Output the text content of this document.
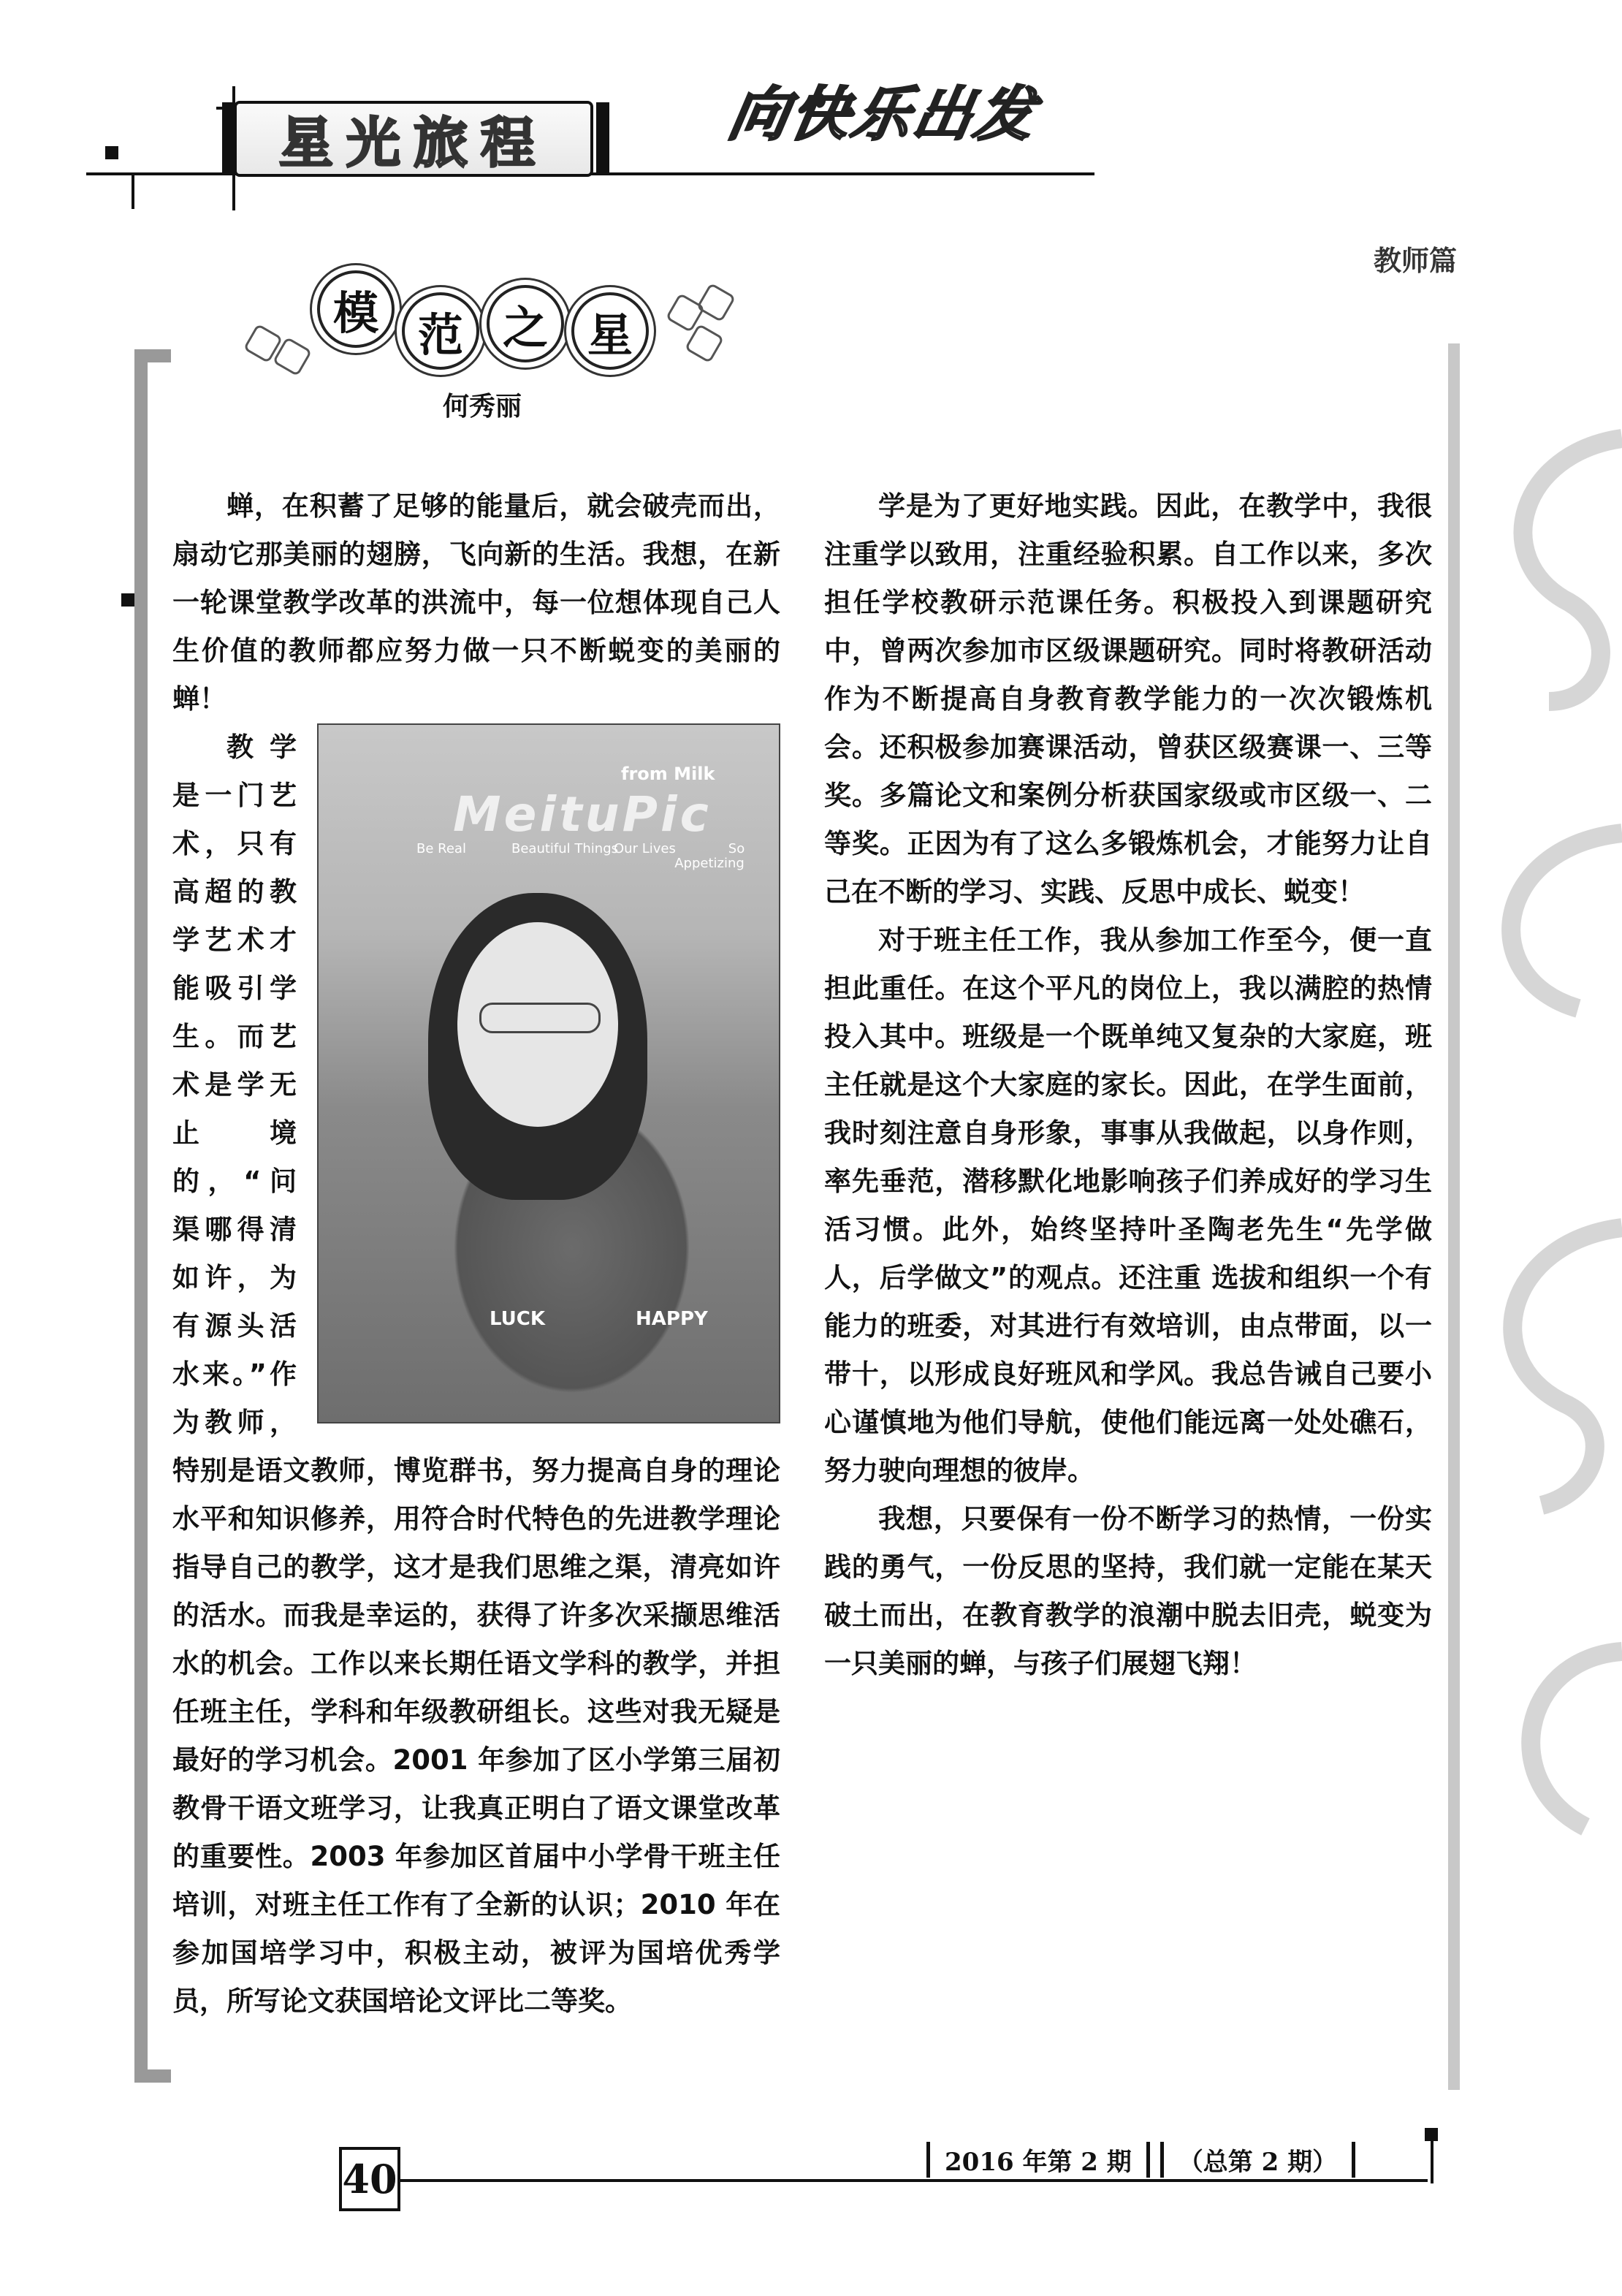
星光旅程	向快乐出发
教师篇
模 范 之 星
何秀丽

蝉，在积蓄了足够的能量后，就会破壳而出，扇动它那美丽的翅膀，飞向新的生活。我想，在新一轮课堂教学改革的洪流中，每一位想体现自己人生价值的教师都应努力做一只不断蜕变的美丽的蝉！

from Milk
MeituPic
Be Real	Beautiful Things
Our Lives	So Appetizing
LUCK	HAPPY
教学是一门艺术，只有高超的教学艺术才能吸引学生。而艺术是学无止境的，“问渠哪得清如许，为有源头活水来。”作为教师，特别是语文教师，博览群书，努力提高自身的理论水平和知识修养，用符合时代特色的先进教学理论指导自己的教学，这才是我们思维之渠，清亮如许的活水。而我是幸运的，获得了许多次采撷思维活水的机会。工作以来长期任语文学科的教学，并担任班主任，学科和年级教研组长。这些对我无疑是最好的学习机会。2001 年参加了区小学第三届初教骨干语文班学习，让我真正明白了语文课堂改革的重要性。2003 年参加区首届中小学骨干班主任培训，对班主任工作有了全新的认识；2010 年在参加国培学习中，积极主动，被评为国培优秀学员，所写论文获国培论文评比二等奖。

学是为了更好地实践。因此，在教学中，我很注重学以致用，注重经验积累。自工作以来，多次担任学校教研示范课任务。积极投入到课题研究中，曾两次参加市区级课题研究。同时将教研活动作为不断提高自身教育教学能力的一次次锻炼机会。还积极参加赛课活动，曾获区级赛课一、三等奖。多篇论文和案例分析获国家级或市区级一、二等奖。正因为有了这么多锻炼机会，才能努力让自己在不断的学习、实践、反思中成长、蜕变！

对于班主任工作，我从参加工作至今，便一直担此重任。在这个平凡的岗位上，我以满腔的热情投入其中。班级是一个既单纯又复杂的大家庭，班主任就是这个大家庭的家长。因此，在学生面前，我时刻注意自身形象，事事从我做起，以身作则，率先垂范，潜移默化地影响孩子们养成好的学习生活习惯。此外，始终坚持叶圣陶老先生“先学做人，后学做文”的观点。还注重 选拔和组织一个有能力的班委，对其进行有效培训，由点带面，以一带十，以形成良好班风和学风。我总告诫自己要小心谨慎地为他们导航，使他们能远离一处处礁石，努力驶向理想的彼岸。

我想，只要保有一份不断学习的热情，一份实践的勇气，一份反思的坚持，我们就一定能在某天破土而出，在教育教学的浪潮中脱去旧壳，蜕变为一只美丽的蝉，与孩子们展翅飞翔！

40	2016 年第 2 期	（总第 2 期）
